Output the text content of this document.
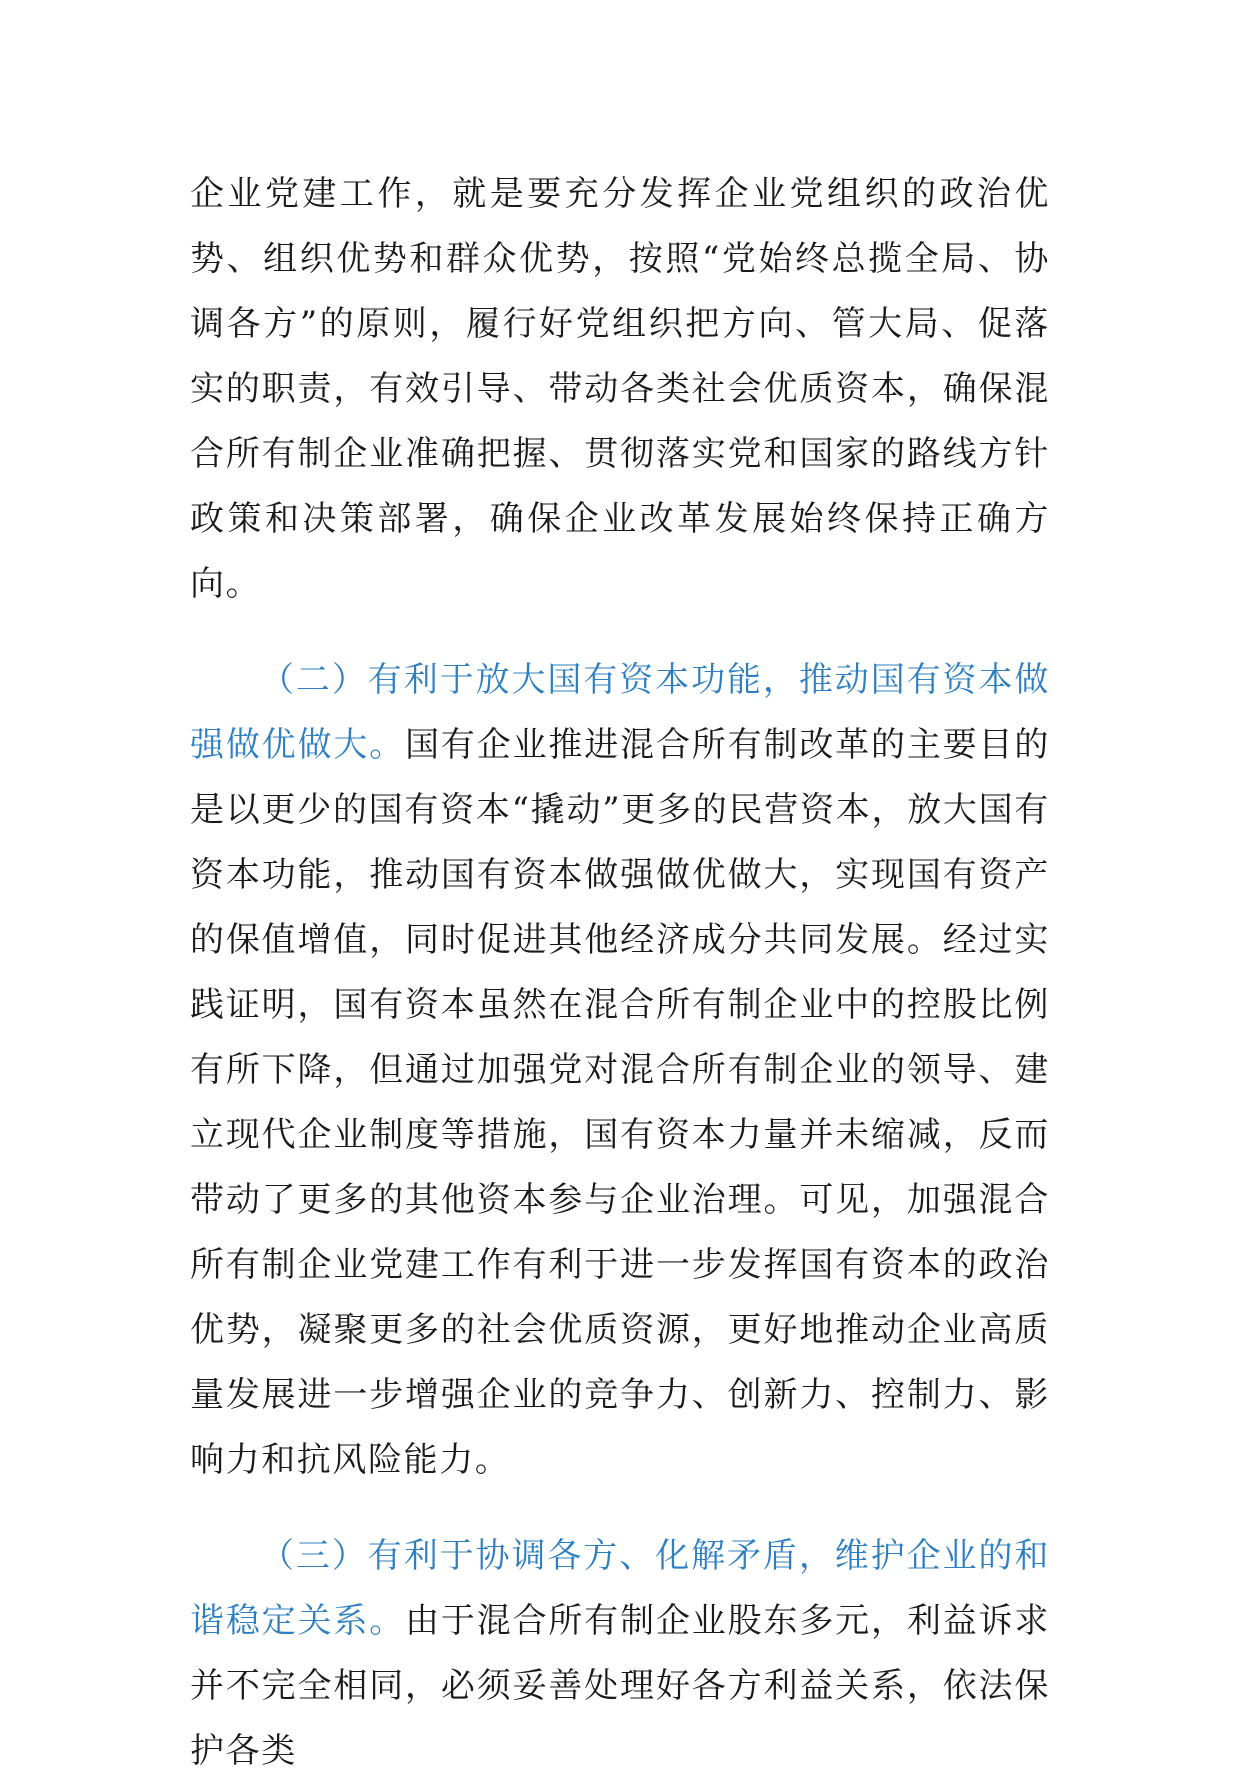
企业党建工作，就是要充分发挥企业党组织的政治优势、组织优势和群众优势，按照“党始终总揽全局、协调各方”的原则，履行好党组织把方向、管大局、促落实的职责，有效引导、带动各类社会优质资本，确保混合所有制企业准确把握、贯彻落实党和国家的路线方针政策和决策部署，确保企业改革发展始终保持正确方向。

（二）有利于放大国有资本功能，推动国有资本做强做优做大。国有企业推进混合所有制改革的主要目的是以更少的国有资本“撬动”更多的民营资本，放大国有资本功能，推动国有资本做强做优做大，实现国有资产的保值增值，同时促进其他经济成分共同发展。经过实践证明，国有资本虽然在混合所有制企业中的控股比例有所下降，但通过加强党对混合所有制企业的领导、建立现代企业制度等措施，国有资本力量并未缩减，反而带动了更多的其他资本参与企业治理。可见，加强混合所有制企业党建工作有利于进一步发挥国有资本的政治优势，凝聚更多的社会优质资源，更好地推动企业高质量发展进一步增强企业的竞争力、创新力、控制力、影响力和抗风险能力。

（三）有利于协调各方、化解矛盾，维护企业的和谐稳定关系。由于混合所有制企业股东多元，利益诉求并不完全相同，必须妥善处理好各方利益关系，依法保护各类
